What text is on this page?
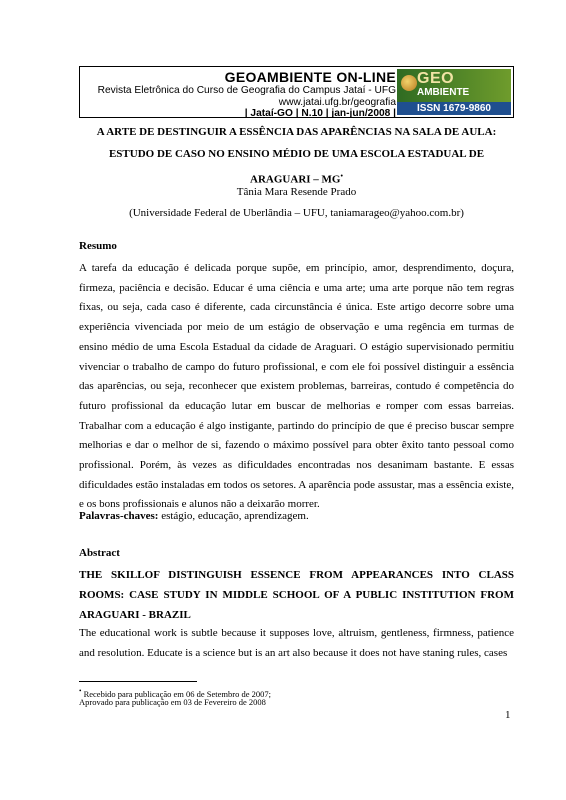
GEOAMBIENTE ON-LINE
Revista Eletrônica do Curso de Geografia do Campus Jataí - UFG
www.jatai.ufg.br/geografia
| Jataí-GO | N.10 | jan-jun/2008 |
GEO
AMBIENTE
ISSN 1679-9860
A ARTE DE DESTINGUIR A ESSÊNCIA DAS APARÊNCIAS NA SALA DE AULA:
ESTUDO DE CASO NO ENSINO MÉDIO DE UMA ESCOLA ESTADUAL DE
ARAGUARI – MG•
Tânia Mara Resende Prado
(Universidade Federal de Uberlândia – UFU, taniamarageo@yahoo.com.br)
Resumo
A tarefa da educação é delicada porque supõe, em princípio, amor, desprendimento, doçura, firmeza, paciência e decisão. Educar é uma ciência e uma arte; uma arte porque não tem regras fixas, ou seja, cada caso é diferente, cada circunstância é única. Este artigo decorre sobre uma experiência vivenciada por meio de um estágio de observação e uma regência em turmas de ensino médio de uma Escola Estadual da cidade de Araguari. O estágio supervisionado permitiu vivenciar o trabalho de campo do futuro profissional, e com ele foi possível distinguir a essência das aparências, ou seja, reconhecer que existem problemas, barreiras, contudo é competência do futuro profissional da educação lutar em buscar de melhorias e romper com essas barreias. Trabalhar com a educação é algo instigante, partindo do princípio de que é preciso buscar sempre melhorias e dar o melhor de si, fazendo o máximo possível para obter êxito tanto pessoal como profissional. Porém, às vezes as dificuldades encontradas nos desanimam bastante. E essas dificuldades estão instaladas em todos os setores. A aparência pode assustar, mas a essência existe, e os bons profissionais e alunos não a deixarão morrer.
Palavras-chaves: estágio, educação, aprendizagem.
Abstract
THE SKILLOF DISTINGUISH ESSENCE FROM APPEARANCES INTO CLASS ROOMS: CASE STUDY IN MIDDLE SCHOOL OF A PUBLIC INSTITUTION FROM ARAGUARI - BRAZIL
The educational work is subtle because it supposes love, altruism, gentleness, firmness, patience and resolution. Educate is a science but is an art also because it does not have staning rules, cases
• Recebido para publicação em 06 de Setembro de 2007;
Aprovado para publicação em 03 de Fevereiro de 2008
1
